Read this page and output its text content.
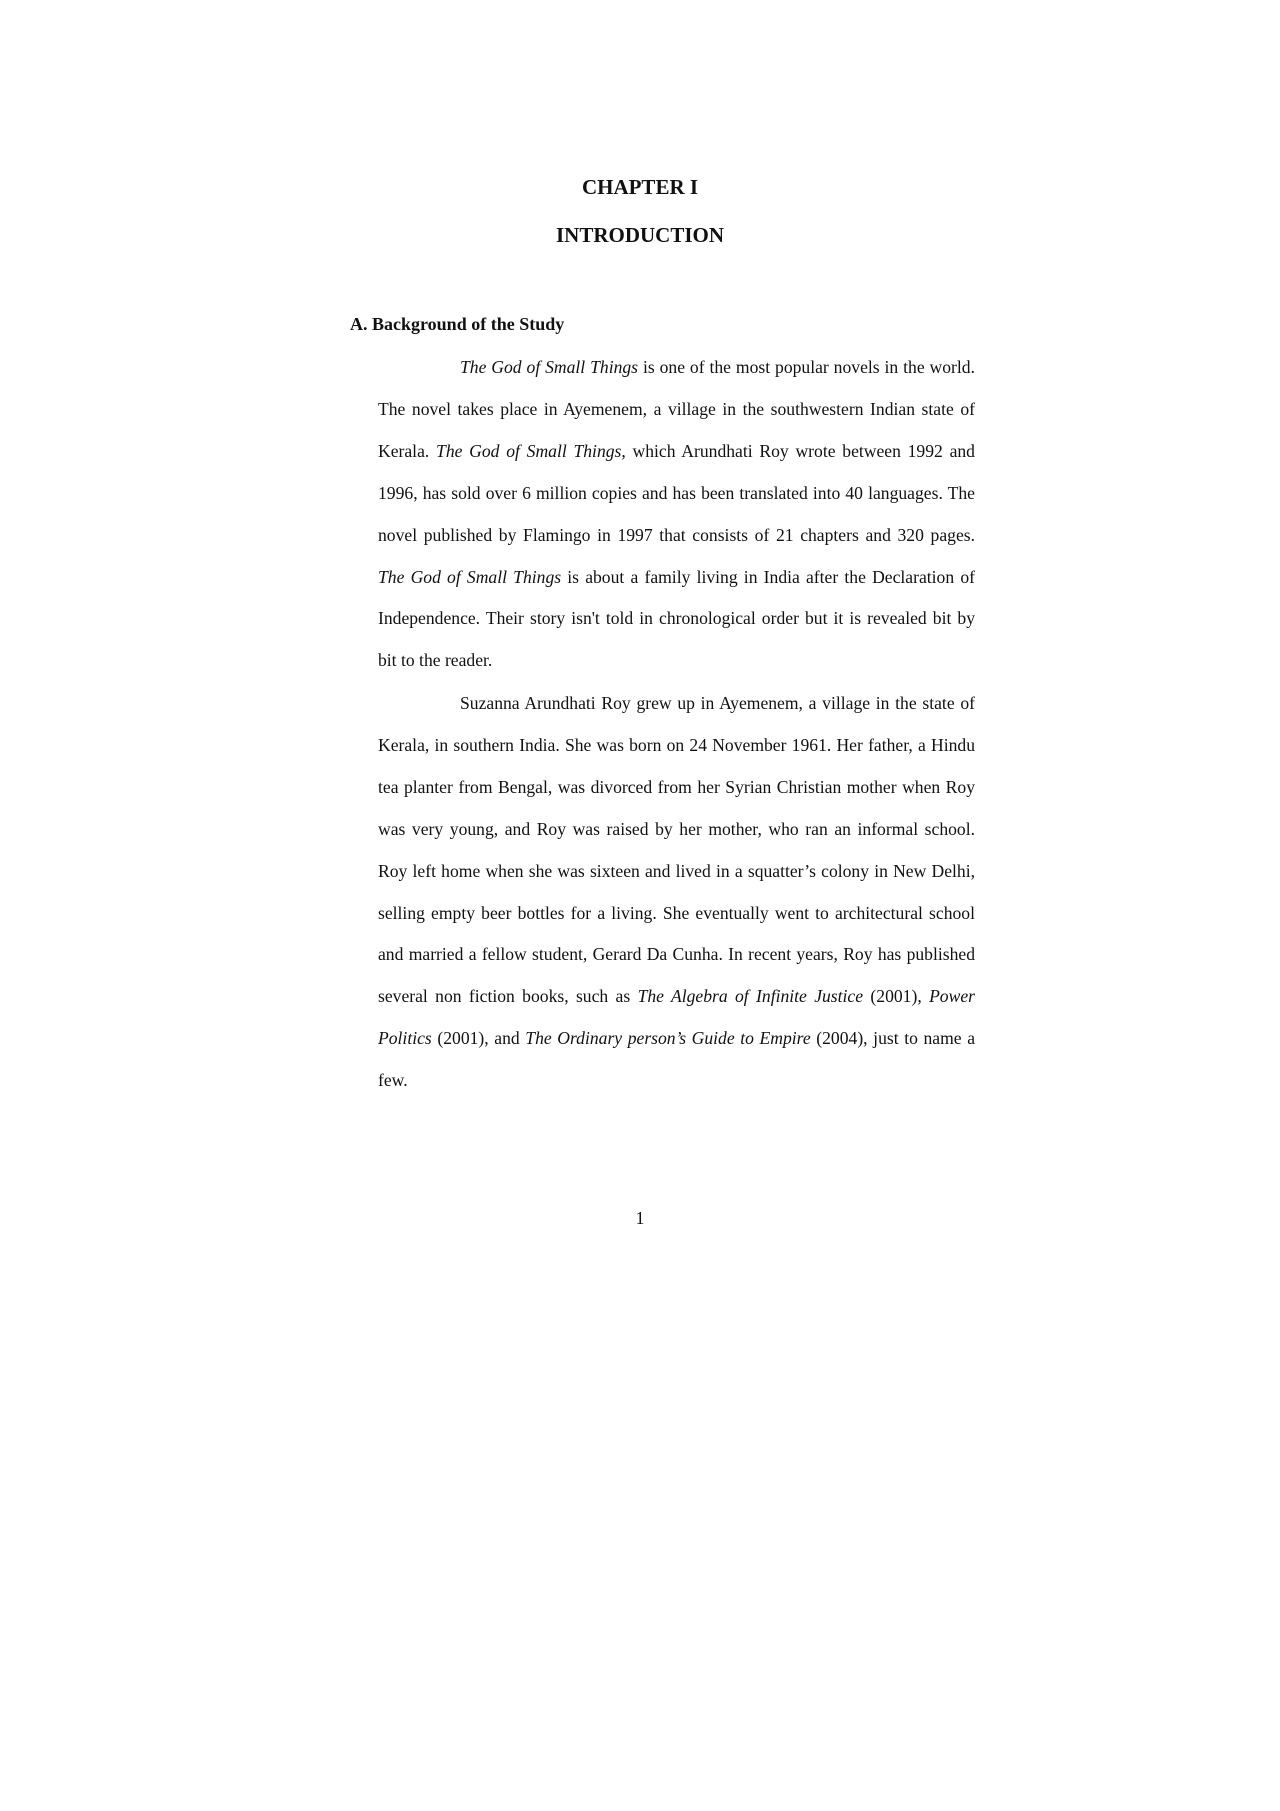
CHAPTER I
INTRODUCTION
A. Background of the Study

The God of Small Things is one of the most popular novels in the world. The novel takes place in Ayemenem, a village in the southwestern Indian state of Kerala. The God of Small Things, which Arundhati Roy wrote between 1992 and 1996, has sold over 6 million copies and has been translated into 40 languages. The novel published by Flamingo in 1997 that consists of 21 chapters and 320 pages. The God of Small Things is about a family living in India after the Declaration of Independence. Their story isn't told in chronological order but it is revealed bit by bit to the reader.

Suzanna Arundhati Roy grew up in Ayemenem, a village in the state of Kerala, in southern India. She was born on 24 November 1961. Her father, a Hindu tea planter from Bengal, was divorced from her Syrian Christian mother when Roy was very young, and Roy was raised by her mother, who ran an informal school. Roy left home when she was sixteen and lived in a squatter’s colony in New Delhi, selling empty beer bottles for a living. She eventually went to architectural school and married a fellow student, Gerard Da Cunha. In recent years, Roy has published several non fiction books, such as The Algebra of Infinite Justice (2001), Power Politics (2001), and The Ordinary person’s Guide to Empire (2004), just to name a few.

1
